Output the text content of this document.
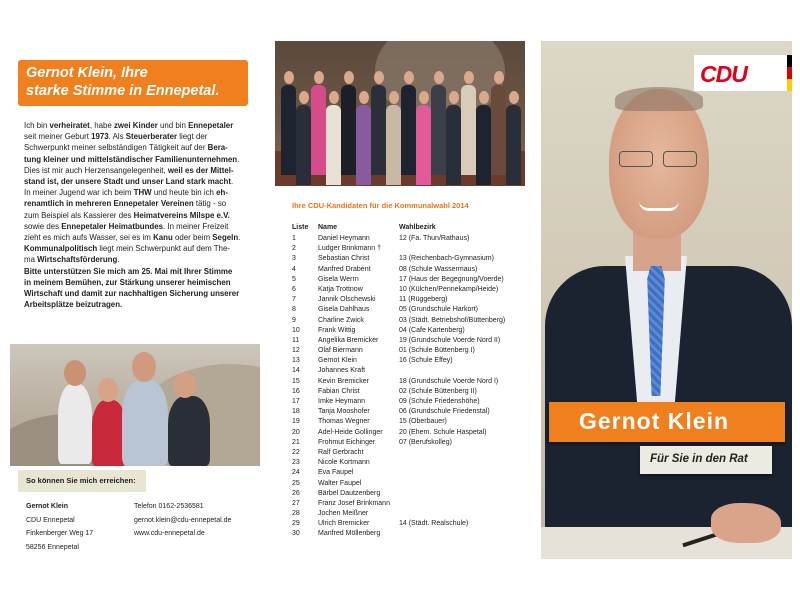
Gernot Klein, Ihre
starke Stimme in Ennepetal.

Ich bin verheiratet, habe zwei Kinder und bin Ennepetaler

seit meiner Geburt 1973. Als Steuerberater liegt der

Schwerpunkt meiner selbständigen Tätigkeit auf der Bera-

tung kleiner und mittelständischer Familienunternehmen.

Dies ist mir auch Herzensangelegenheit, weil es der Mittel-

stand ist, der unsere Stadt und unser Land stark macht.

In meiner Jugend war ich beim THW und heute bin ich eh-

renamtlich in mehreren Ennepetaler Vereinen tätig - so

zum Beispiel als Kassierer des Heimatvereins Milspe e.V.

sowie des Ennepetaler Heimatbundes. In meiner Freizeit

zieht es mich aufs Wasser, sei es im Kanu oder beim Segeln.

Kommunalpolitisch liegt mein Schwerpunkt auf dem The-

ma Wirtschaftsförderung.

Bitte unterstützen Sie mich am 25. Mai mit Ihrer Stimme

in meinem Bemühen, zur Stärkung unserer heimischen

Wirtschaft und damit zur nachhaltigen Sicherung unserer

Arbeitsplätze beizutragen.

So können Sie mich erreichen:
Gernot Klein
CDU Ennepetal
Finkenberger Weg 17
58256 Ennepetal
Telefon 0162-2536581
gernot.klein@cdu-ennepetal.de
www.cdu-ennepetal.de
Ihre CDU-Kandidaten für die Kommunalwahl 2014
Liste Name	Wahlbezirk
1	Daniel Heymann	12 (Fa. Thun/Rathaus)
2	Ludger Brinkmann †
3	Sebastian Christ	13 (Reichenbach-Gymnasium)
4	Manfred Drabent	08 (Schule Wassermaus)
5	Gisela Werrn	17 (Haus der Begegnung/Voerde)
6	Katja Trottnow	10 (Külchen/Pennekamp/Heide)
7	Jannik Olschewski	11 (Rüggeberg)
8	Gisela Dahlhaus	05 (Grundschule Harkort)
9	Charline Zwick	03 (Städt. Betriebshof/Büttenberg)
10	Frank Wittig	04 (Cafe Kartenberg)
11	Angelika Bremicker	19 (Grundschule Voerde Nord II)
12	Olaf Biermann	01 (Schule Büttenberg I)
13	Gernot Klein	16 (Schule Effey)
14	Johannes Kraft
15	Kevin Bremicker	18 (Grundschule Voerde Nord I)
16	Fabian Christ	02 (Schule Büttenberg II)
17	Imke Heymann	09 (Schule Friedenshöhe)
18	Tanja Mooshofer	06 (Grundschule Friedenstal)
19	Thomas Wegner	15 (Oberbauer)
20	Adel-Heide Gollinger 20 (Ehem. Schule Haspetal)
21	Frohmut Eichinger	07 (Berufskolleg)
22	Ralf Gerbracht
23	Nicole Kortmann
24	Eva Faupel
25	Walter Faupel
26	Bärbel Dautzenberg
27	Franz Josef Brinkmann
28	Jochen Meißner
29	Ulrich Bremicker	14 (Städt. Realschule)
30	Manfred Möllenberg
CDU
Gernot Klein
Für Sie in den Rat
